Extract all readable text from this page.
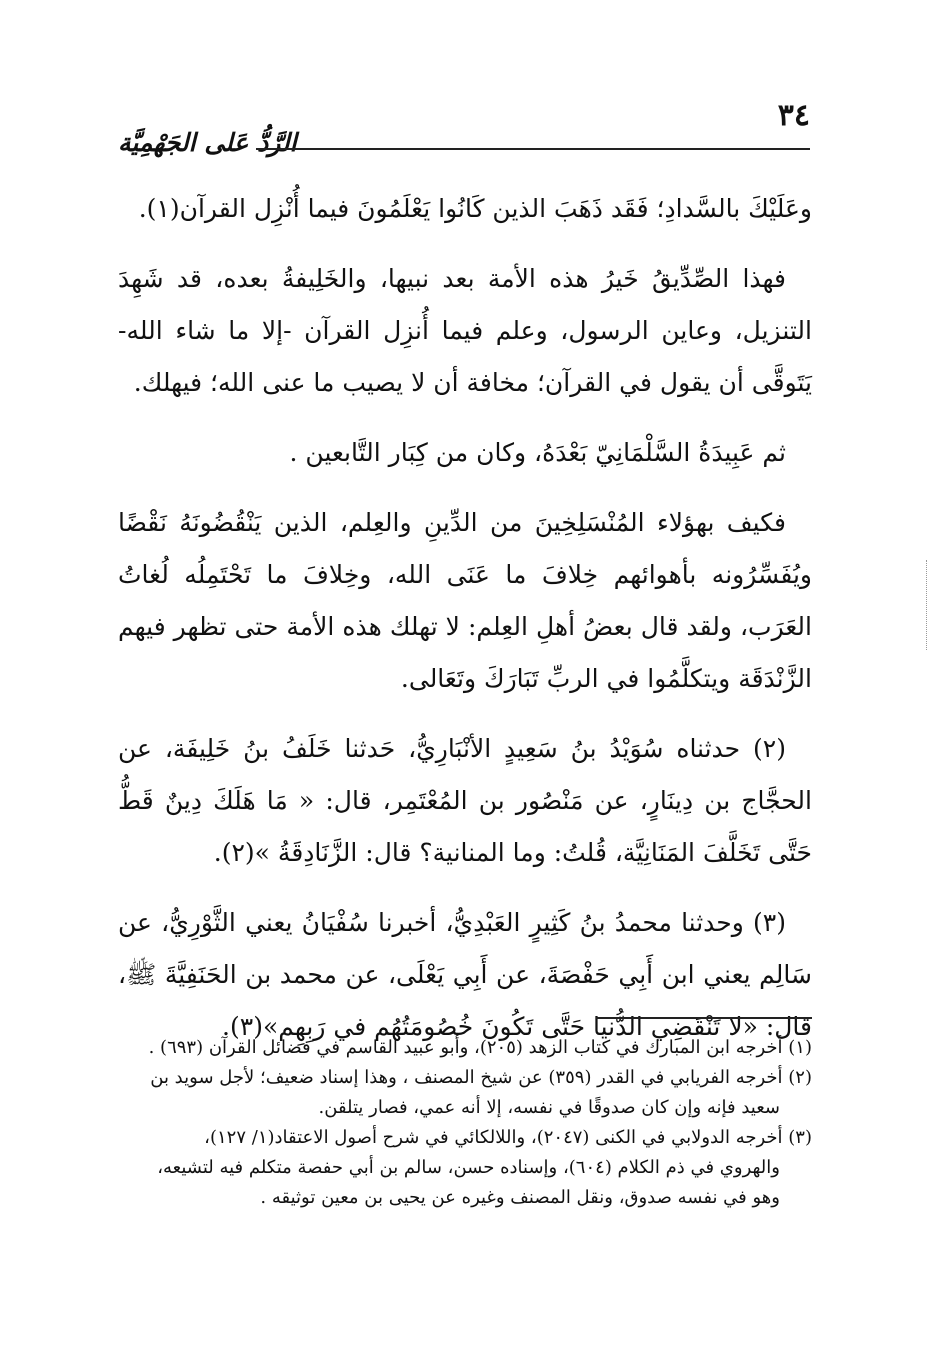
٣٤
الرَّدُّ عَلى الجَهْمِيَّة

وعَلَيْكَ بالسَّدادِ؛ فَقَد ذَهَبَ الذين كَانُوا يَعْلَمُونَ فيما أُنْزِل القرآن(١).

فهذا الصِّدِّيقُ خَيرُ هذه الأمة بعد نبيها، والخَلِيفةُ بعده، قد شَهِدَ التنزيل، وعاين الرسول، وعلم فيما أُنزِل القرآن -إلا ما شاء الله- يَتَوقَّى أن يقول في القرآن؛ مخافة أن لا يصيب ما عنى الله؛ فيهلك.

ثم عَبِيدَةُ السَّلْمَانِيّ بَعْدَهُ، وكان من كِبَار التَّابعين .

فكيف بهؤلاء المُنْسَلِخِينَ من الدِّينِ والعِلم، الذين يَنْقُضُونَهُ نَقْضًا ويُفَسِّرُونه بأهوائهم خِلافَ ما عَنَى الله، وخِلافَ ما تَحْتَمِلُه لُغاتُ العَرَب، ولقد قال بعضُ أهلِ العِلم: لا تهلك هذه الأمة حتى تظهر فيهم الزَّنْدَقَة ويتكلَّمُوا في الربِّ تَبَارَكَ وتَعَالى.

(٢) حدثناه سُوَيْدُ بنُ سَعِيدٍ الأنْبَارِيُّ، حَدثنا خَلَفُ بنُ خَلِيفَة، عن الحجَّاج بن دِينَارٍ، عن مَنْصُور بن المُعْتَمِر، قال: « مَا هَلَكَ دِينٌ قَطُّ حَتَّى تَخَلَّفَ المَنَانِيَّة، قُلتُ: وما المنانية؟ قال: الزَّنَادِقَةُ »(٢).

(٣) وحدثنا محمدُ بنُ كَثِيرٍ العَبْدِيُّ، أخبرنا سُفْيَانُ يعني الثَّوْرِيُّ، عن سَالِم يعني ابن أَبِي حَفْصَةَ، عن أَبِي يَعْلَى، عن محمد بن الحَنَفِيَّةَ ﷺ، قال: «لا تَنْقَضِي الدُّنيا حَتَّى تَكُونَ خُصُومَتُهُم في رَبِهِم»(٣).

(١) أخرجه ابن المبارك في كتاب الزهد (٢٠٥)، وأبو عبيد القاسم في فضائل القرآن (٦٩٣) .

(٢) أخرجه الفريابي في القدر (٣٥٩) عن شيخ المصنف ، وهذا إسناد ضعيف؛ لأجل سويد بن

سعيد فإنه وإن كان صدوقًا في نفسه، إلا أنه عمي، فصار يتلقن.

(٣) أخرجه الدولابي في الكنى (٢٠٤٧)، واللالكائي في شرح أصول الاعتقاد(١/ ١٢٧)،

والهروي في ذم الكلام (٦٠٤)، وإسناده حسن، سالم بن أبي حفصة متكلم فيه لتشيعه،

وهو في نفسه صدوق، ونقل المصنف وغيره عن يحيى بن معين توثيقه .
